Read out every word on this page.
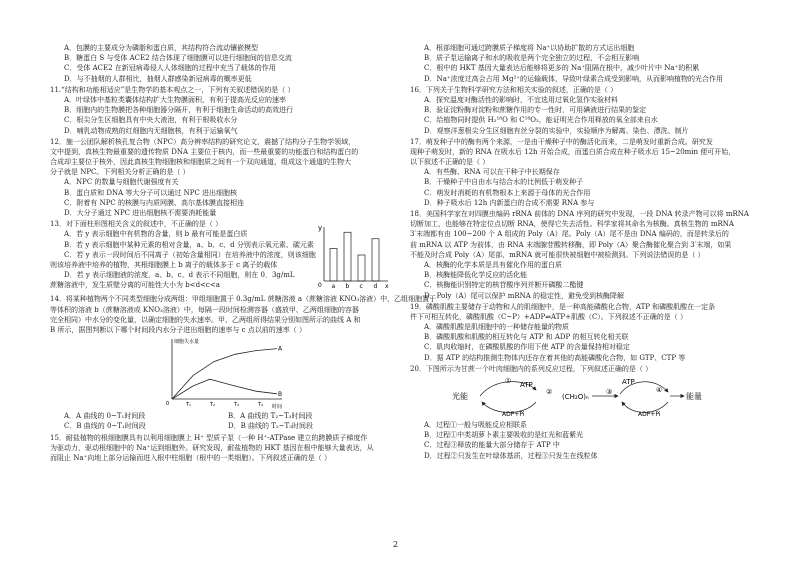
A．包膜的主要成分为磷脂和蛋白质，其结构符合流动镶嵌模型
B．糖蛋白 S 与受体 ACE2 结合体现了细胞膜可以进行细胞间的信息交流
C．受体 ACE2 在新冠病毒侵人人体细胞的过程中充当了载体的作用
D．与不抽烟的人群相比，抽烟人群感染新冠病毒的概率更低
11.“结构和功能相适应”是生物学的基本观点之一，下列有关叙述错误的是（ ）
A．叶绿体中基粒类囊体结构扩大生物膜面积，有利于提高光反应的速率
B．细胞内的生物膜把各种细胞器分隔开，有利于细胞生命活动的高效进行
C．根尖分生区细胞具有中央大液泡，有利于根吸收水分
D．哺乳动物成熟的红细胞内无细胞核，有利于运输氧气
12．施一公团队解析核孔复合物（NPC）高分辨率结构的研究论文，震撼了结构分子生物学领域，
文中提到，真核生物最重要的遗传物质 DNA 主要位于核内，而一些最重要的功能蛋白和结构蛋白的
合成却主要位于核外，因此真核生物细胞核和细胞质之间有一个双向通道，组成这个通道的生物大
分子就是 NPC。下列相关分析正确的是（ ）
A．NPC 的数量与细胞代谢强度有关
B．蛋白质和 DNA 等大分子可以通过 NPC 进出细胞核
C．附着有 NPC 的核膜与内质网膜、高尔基体膜直接相连
D．大分子通过 NPC 进出细胞核不需要消耗能量
13．对下面柱形图相关含义的叙述中，不正确的是（ ）
A．若 y 表示细胞中有机物的含量，则 b 最有可能是蛋白质
B．若 y 表示细胞中某种元素的相对含量，a、b、c、d 分别表示氧元素、碳元素
C．若 y 表示一段时间后不同离子（初始含量相同）在培养液中的浓度，则该细胞
则该培养液中培养的植物，其根细胞膜上 b 离子的载体多于 c 离子的载体
D．若 y 表示细胞液的浓度，a、b、c、d 表示不同细胞，则在 0．3g/mL
蔗糖溶液中，发生质壁分离的可能性大小为 b<d<c<a
y
0	x
a b c d
14．将某种植物两个不同类型细胞分成两组：甲组细胞置于 0.3g/mL 蔗糖溶液 a（蔗糖溶液 KNO₃溶液）中，乙组细胞置于
等体积的溶液 b（蔗糖溶液或 KNO₃溶液）中，每隔一段时间检测容器（盛放甲、乙两组细胞的容器
完全相同）中水分的变化量，以确定细胞的失水速率。甲、乙两组所得结果分别如图所示的曲线 A 和
B 所示，据图判断以下哪个时间段内水分子进出细胞的速率与 c 点以前的速率（ ）
细胞失水量
时间
0
A
B
T₁	T₂	T₃	T₄
A．A 曲线的 0~T₁时间段	B．A 曲线的 T₂~T₃时间段
C．B 曲线的 0~T₁时间段	D．B 曲线的 T₂~T₃时间段
15．耐盐植物的根细胞膜具有以利用细胞膜上 H⁺ 型质子泵（一种 H⁺-ATPase 建立的跨膜质子梯度作
为驱动力，驱动根细胞中的 Na⁺运到细胞外。研究发现，耐盐植物的 HKT 基因在根中能够大量表达，从
而阻止 Na⁺向地上部分运输而进入根中柱细胞（根中的一类细胞）。下列叙述正确的是（ ）
A．根部细胞可通过跨膜质子梯度将 Na⁺以协助扩散的方式运出细胞
B．质子泵运输离子和水的吸收是两个完全独立的过程，不会相互影响
C．根中的 HKT 基因大量表达后能够将更多的 Na⁺阻隔在根中，减少叶片中 Na⁺的积累
D．Na⁺浓度过高会占用 Mg²⁺的运输载体，导致叶绿素合成受到影响，从而影响植物的光合作用
16．下列关于生物科学研究方法和相关实验的叙述，正确的是（ ）
A．探究温度对酶活性的影响时，不宜选用过氧化氢作实验材料
B．验证淀粉酶对淀粉和蔗糖作用的专一性时，可用碘液进行结果的鉴定
C．给植物同时提供 H₂¹⁸O 和 C¹⁸O₂，能证明光合作用释放的氧全部来自水
D．观察洋葱根尖分生区细胞有丝分裂的实验中，实验顺序为解离、染色、漂洗、制片
17．萌发种子中的酶有两个来源，一是由干燥种子中的酶活化而来，二是萌发时重新合成。研究发
现种子萌发时，新的 RNA 在吸水后 12h 开始合成，而蛋白质合成在种子吸水后 15~20min 便可开始，
以下叙述不正确的是（ ）
A．有些酶、RNA 可以在干种子中长期保存
B．干燥种子中自由水与结合水的比例低于萌发种子
C．萌发时消耗的有机物根本上来源于母体的光合作用
D．种子吸水后 12h 内新蛋白的合成不需要 RNA 参与
18．美国科学家在对四膜虫编码 rRNA 前体的 DNA 序列的研究中发现，一段 DNA 转录产物可以将 mRNA
切断加工，也能够在特定位点切断 RNA，使得它失去活性。科学家将其命名为核酶。真核生物的 mRNA
3′末端都有由 100~200 个 A 组成的 Poly（A）尾。Poly（A）尾不是由 DNA 编码的，而是转录后的
前 mRNA 以 ATP 为前体，由 RNA 末端腺苷酸转移酶，即 Poly（A）聚合酶催化聚合到 3′末端，如果
不能及时合成 Poly（A）尾部，mRNA 就可能很快被细胞中被检测到。下列说法错误的是（ ）
A．核酶的化学本质是具有催化作用的蛋白质
B．核酶能降低化学反应的活化能
C．核酶能识别特定的核苷酸序列并断开磷酸二酯键
D．Poly（A）尾可以保护 mRNA 的稳定性，避免受到核酶降解
19．磷酸肌酸主要储存于动物和人的肌细胞中，是一种高能磷酸化合物，ATP 和磷酸肌酸在一定条
件下可相互转化，磷酸肌酸（C~P）+ADP⇌ATP+肌酸（C）。下列叙述不正确的是（ ）
A．磷酸肌酸是肌细胞中的一种储存能量的物质
B．磷酸肌酸和肌酸的相互转化与 ATP 和 ADP 的相互转化相关联
C．肌肉收缩时，在磷酸肌酸的作用下使 ATP 的含量保持相对稳定
D．据 ATP 的结构推测生物体内还存在着其他的高能磷酸化合物，如 GTP、CTP 等
20．下图所示为甘蔗一个叶肉细胞内的系列反应过程，下列叙述正确的是（ ）
光能
① ATP
ADP+Pi
②
(CH₂O)ₙ
③
ATP
④
ADP+Pi
能量
A．过程①一般与吸能反应相联系
B．过程①中类胡萝卜素主要吸收的是红光和蓝紫光
C．过程③释放的能量大部分储存于 ATP 中
D．过程②只发生在叶绿体基质，过程③只发生在线粒体
2
